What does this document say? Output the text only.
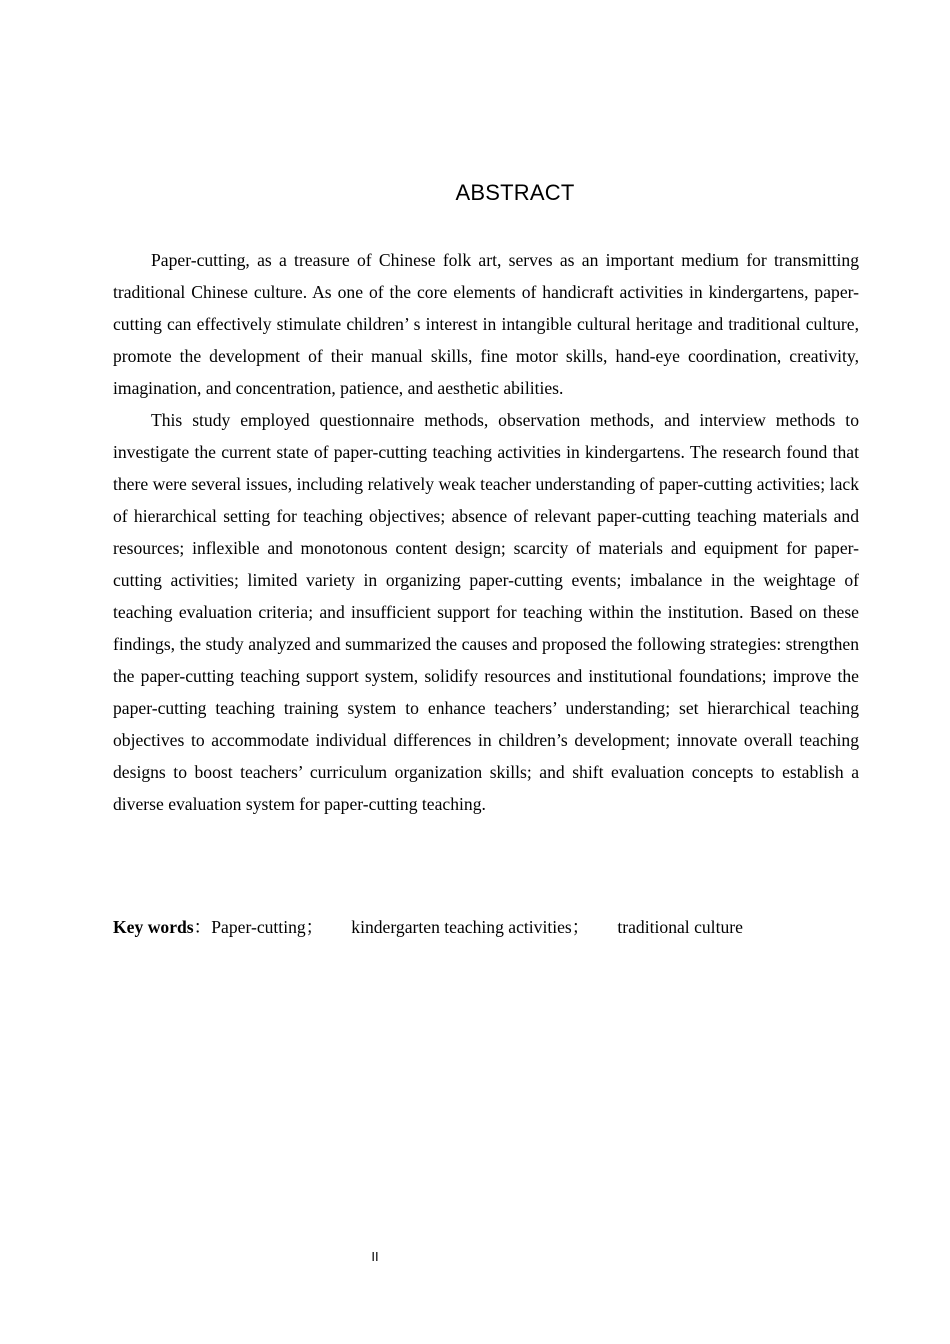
ABSTRACT

Paper-cutting, as a treasure of Chinese folk art, serves as an important medium for transmitting traditional Chinese culture. As one of the core elements of handicraft activities in kindergartens, paper-cutting can effectively stimulate children’ s interest in intangible cultural heritage and traditional culture, promote the development of their manual skills, fine motor skills, hand-eye coordination, creativity, imagination, and concentration, patience, and aesthetic abilities.

This study employed questionnaire methods, observation methods, and interview methods to investigate the current state of paper-cutting teaching activities in kindergartens. The research found that there were several issues, including relatively weak teacher understanding of paper-cutting activities; lack of hierarchical setting for teaching objectives; absence of relevant paper-cutting teaching materials and resources; inflexible and monotonous content design; scarcity of materials and equipment for paper-cutting activities; limited variety in organizing paper-cutting events; imbalance in the weightage of teaching evaluation criteria; and insufficient support for teaching within the institution. Based on these findings, the study analyzed and summarized the causes and proposed the following strategies: strengthen the paper-cutting teaching support system, solidify resources and institutional foundations; improve the paper-cutting teaching training system to enhance teachers’ understanding; set hierarchical teaching objectives to accommodate individual differences in children’s development; innovate overall teaching designs to boost teachers’ curriculum organization skills; and shift evaluation concepts to establish a diverse evaluation system for paper-cutting teaching.

Key words：Paper-cutting； kindergarten teaching activities； traditional culture
II
